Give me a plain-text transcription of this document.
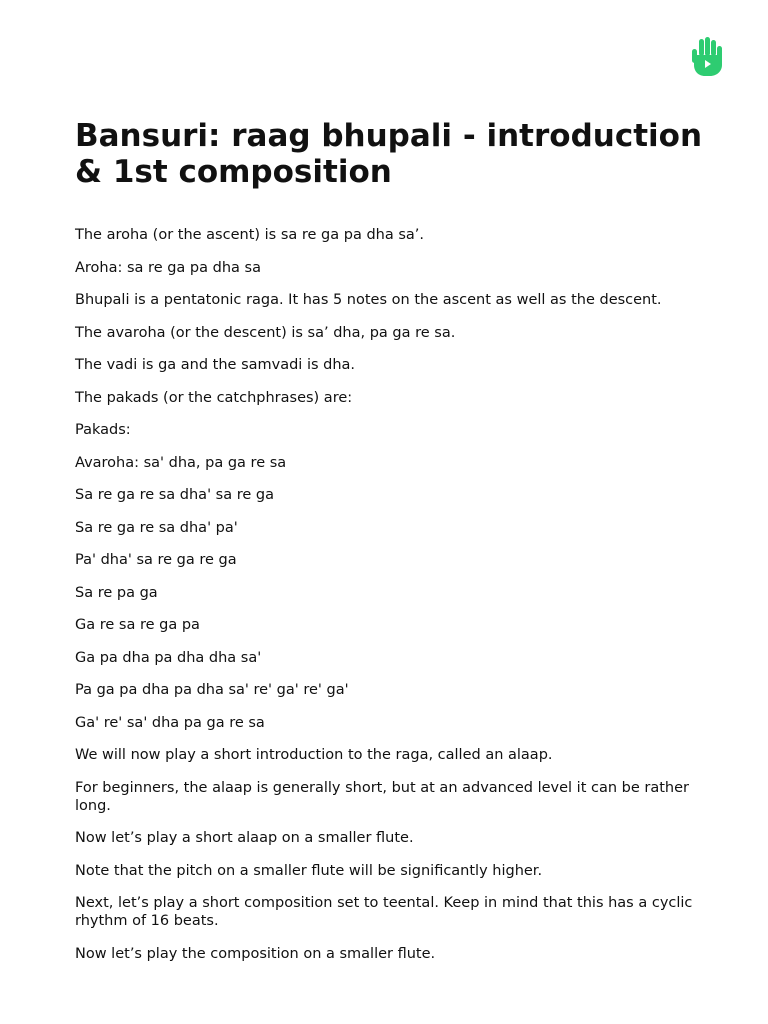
Bansuri: raag bhupali - introduction & 1st composition

The aroha (or the ascent) is sa re ga pa dha sa’.

Aroha: sa re ga pa dha sa

Bhupali is a pentatonic raga. It has 5 notes on the ascent as well as the descent.

The avaroha (or the descent) is sa’ dha, pa ga re sa.

The vadi is ga and the samvadi is dha.

The pakads (or the catchphrases) are:

Pakads:

Avaroha: sa' dha, pa ga re sa

Sa re ga re sa dha' sa re ga

Sa re ga re sa dha' pa'

Pa' dha' sa re ga re ga

Sa re pa ga

Ga re sa re ga pa

Ga pa dha pa dha dha sa'

Pa ga pa dha pa dha sa' re' ga' re' ga'

Ga' re' sa' dha pa ga re sa

We will now play a short introduction to the raga, called an alaap.

For beginners, the alaap is generally short, but at an advanced level it can be rather long.

Now let’s play a short alaap on a smaller flute.

Note that the pitch on a smaller flute will be significantly higher.

Next, let’s play a short composition set to teental. Keep in mind that this has a cyclic rhythm of 16 beats.

Now let’s play the composition on a smaller flute.
